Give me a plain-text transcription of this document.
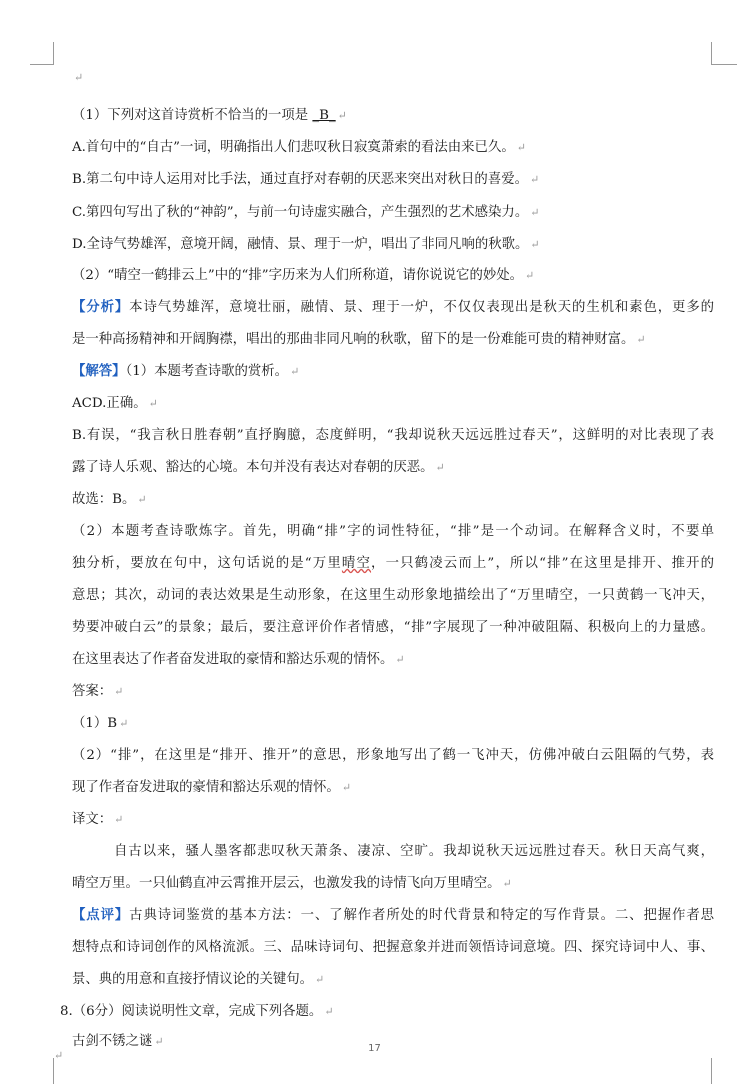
↵
（1）下列对这首诗赏析不恰当的一项是 _B_ ↵
A.首句中的“自古”一词，明确指出人们悲叹秋日寂寞萧索的看法由来已久。 ↵
B.第二句中诗人运用对比手法，通过直抒对春朝的厌恶来突出对秋日的喜爱。 ↵
C.第四句写出了秋的“神韵”，与前一句诗虚实融合，产生强烈的艺术感染力。 ↵
D.全诗气势雄浑，意境开阔，融情、景、理于一炉，唱出了非同凡响的秋歌。 ↵
（2）“晴空一鹤排云上”中的“排”字历来为人们所称道，请你说说它的妙处。 ↵
【分析】本诗气势雄浑，意境壮丽，融情、景、理于一炉，不仅仅表现出是秋天的生机和素色，更多的
是一种高扬精神和开阔胸襟，唱出的那曲非同凡响的秋歌，留下的是一份难能可贵的精神财富。 ↵
【解答】（1）本题考查诗歌的赏析。 ↵
ACD.正确。 ↵
B.有误，“我言秋日胜春朝”直抒胸臆，态度鲜明，“我却说秋天远远胜过春天”，这鲜明的对比表现了表
露了诗人乐观、豁达的心境。本句并没有表达对春朝的厌恶。 ↵
故选：B。 ↵
（2）本题考查诗歌炼字。首先，明确“排”字的词性特征，“排”是一个动词。在解释含义时，不要单
独分析，要放在句中，这句话说的是“万里晴空，一只鹤凌云而上”，所以“排”在这里是排开、推开的
意思；其次，动词的表达效果是生动形象，在这里生动形象地描绘出了“万里晴空，一只黄鹤一飞冲天，
势要冲破白云”的景象；最后，要注意评价作者情感，“排”字展现了一种冲破阻隔、积极向上的力量感。
在这里表达了作者奋发进取的豪情和豁达乐观的情怀。 ↵
答案： ↵
（1）B ↵
（2）“排”，在这里是“排开、推开”的意思，形象地写出了鹤一飞冲天，仿佛冲破白云阻隔的气势，表
现了作者奋发进取的豪情和豁达乐观的情怀。 ↵
译文： ↵
自古以来，骚人墨客都悲叹秋天萧条、凄凉、空旷。我却说秋天远远胜过春天。秋日天高气爽，
晴空万里。一只仙鹤直冲云霄推开层云，也激发我的诗情飞向万里晴空。 ↵
【点评】古典诗词鉴赏的基本方法：一、了解作者所处的时代背景和特定的写作背景。二、把握作者思
想特点和诗词创作的风格流派。三、品味诗词句、把握意象并进而领悟诗词意境。四、探究诗词中人、事、
景、典的用意和直接抒情议论的关键句。 ↵
8.（6分）阅读说明性文章，完成下列各题。 ↵
古剑不锈之谜 ↵
↵
17
